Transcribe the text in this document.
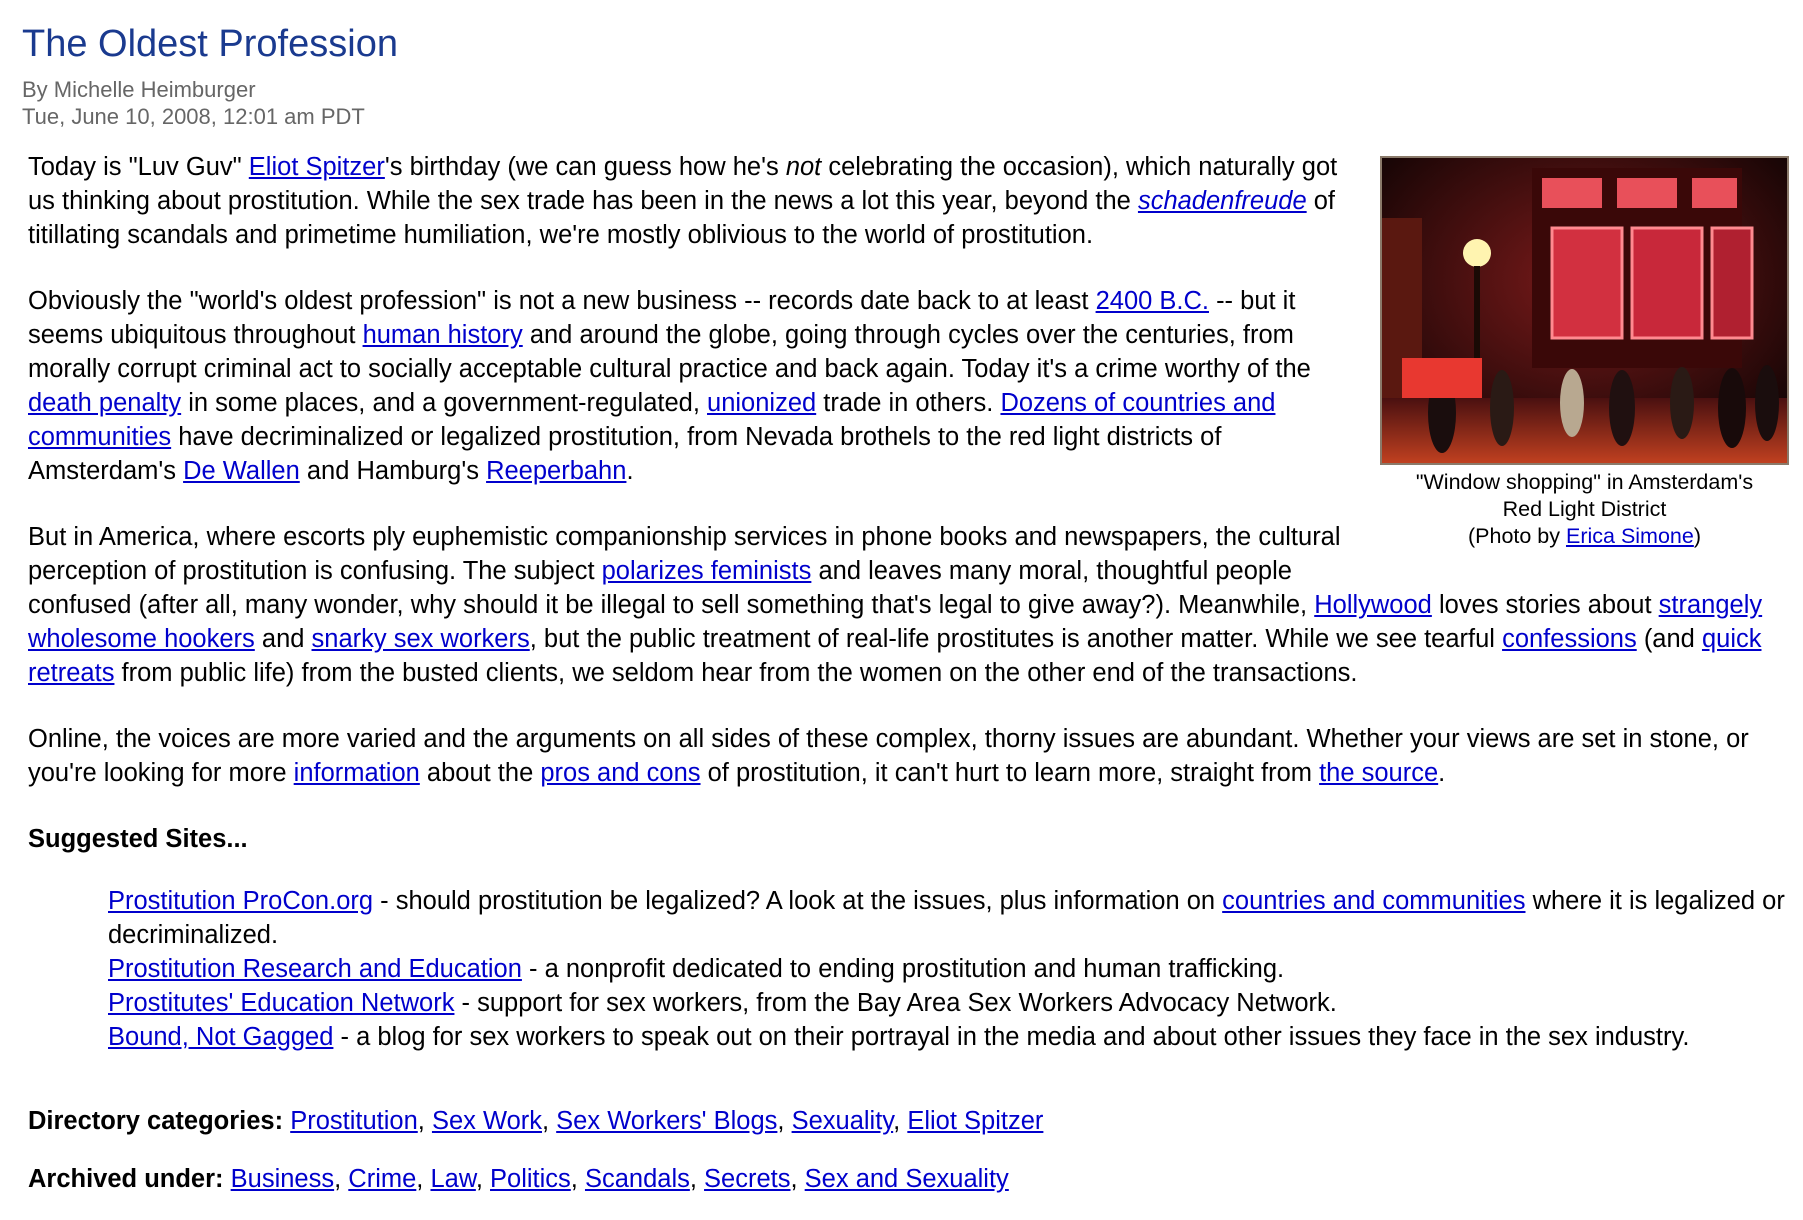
The Oldest Profession
By Michelle Heimburger
Tue, June 10, 2008, 12:01 am PDT
"Window shopping" in Amsterdam's
Red Light District
(Photo by Erica Simone)

Today is "Luv Guv" Eliot Spitzer's birthday (we can guess how he's not celebrating the occasion), which naturally got us thinking about prostitution. While the sex trade has been in the news a lot this year, beyond the schadenfreude of titillating scandals and primetime humiliation, we're mostly oblivious to the world of prostitution.

Obviously the "world's oldest profession" is not a new business -- records date back to at least 2400 B.C. -- but it seems ubiquitous throughout human history and around the globe, going through cycles over the centuries, from morally corrupt criminal act to socially acceptable cultural practice and back again. Today it's a crime worthy of the death penalty in some places, and a government-regulated, unionized trade in others. Dozens of countries and communities have decriminalized or legalized prostitution, from Nevada brothels to the red light districts of Amsterdam's De Wallen and Hamburg's Reeperbahn.

But in America, where escorts ply euphemistic companionship services in phone books and newspapers, the cultural perception of prostitution is confusing. The subject polarizes feminists and leaves many moral, thoughtful people confused (after all, many wonder, why should it be illegal to sell something that's legal to give away?). Meanwhile, Hollywood loves stories about strangely wholesome hookers and snarky sex workers, but the public treatment of real-life prostitutes is another matter. While we see tearful confessions (and quick retreats from public life) from the busted clients, we seldom hear from the women on the other end of the transactions.

Online, the voices are more varied and the arguments on all sides of these complex, thorny issues are abundant. Whether your views are set in stone, or you're looking for more information about the pros and cons of prostitution, it can't hurt to learn more, straight from the source.

Suggested Sites...
Prostitution ProCon.org - should prostitution be legalized? A look at the issues, plus information on countries and communities where it is legalized or decriminalized.
Prostitution Research and Education - a nonprofit dedicated to ending prostitution and human trafficking.
Prostitutes' Education Network - support for sex workers, from the Bay Area Sex Workers Advocacy Network.
Bound, Not Gagged - a blog for sex workers to speak out on their portrayal in the media and about other issues they face in the sex industry.
Directory categories: Prostitution, Sex Work, Sex Workers' Blogs, Sexuality, Eliot Spitzer
Archived under: Business, Crime, Law, Politics, Scandals, Secrets, Sex and Sexuality
